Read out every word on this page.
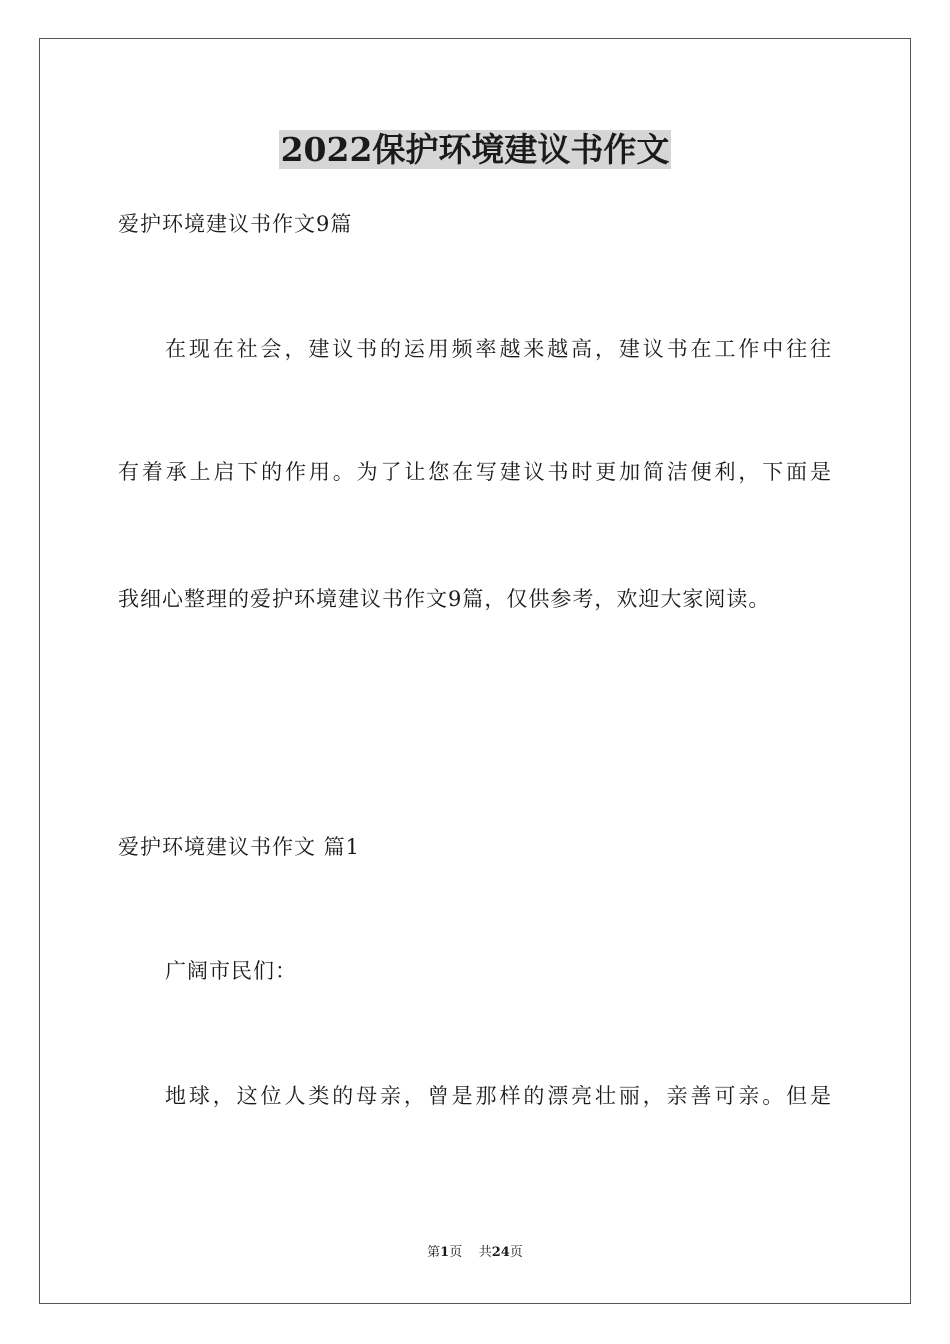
2022保护环境建议书作文
爱护环境建议书作文9篇
在现在社会，建议书的运用频率越来越高，建议书在工作中往往
有着承上启下的作用。为了让您在写建议书时更加简洁便利，下面是
我细心整理的爱护环境建议书作文9篇，仅供参考，欢迎大家阅读。
爱护环境建议书作文 篇1
广阔市民们：
地球，这位人类的母亲，曾是那样的漂亮壮丽，亲善可亲。但是
第1页 共24页
